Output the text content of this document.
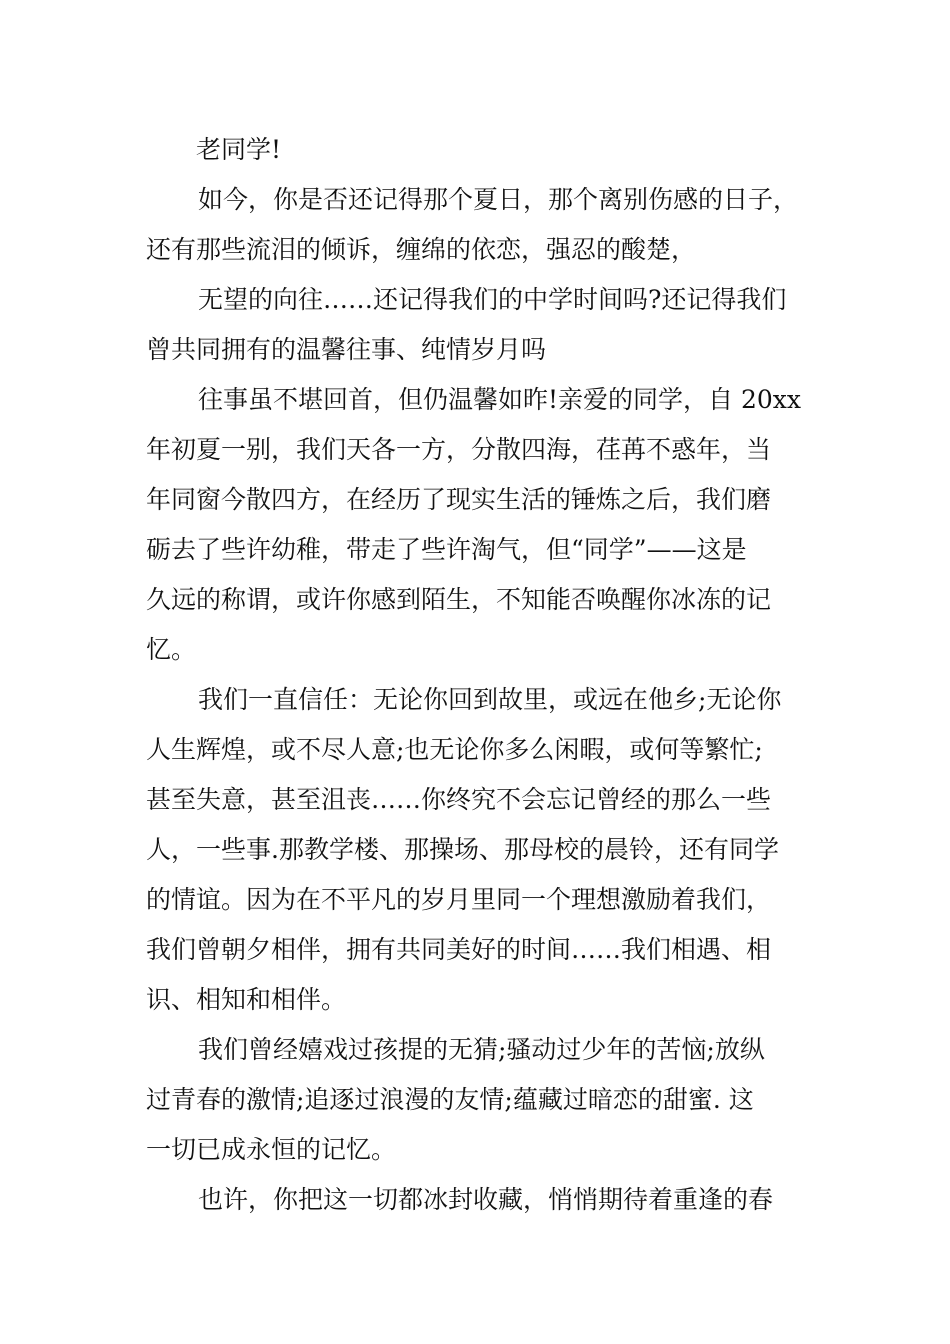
老同学!
如今，你是否还记得那个夏日，那个离别伤感的日子，
还有那些流泪的倾诉，缠绵的依恋，强忍的酸楚，
无望的向往……还记得我们的中学时间吗?还记得我们
曾共同拥有的温馨往事、纯情岁月吗
往事虽不堪回首，但仍温馨如昨!亲爱的同学，自 20xx
年初夏一别，我们天各一方，分散四海，荏苒不惑年，当
年同窗今散四方，在经历了现实生活的锤炼之后，我们磨
砺去了些许幼稚，带走了些许淘气，但“同学”——这是
久远的称谓，或许你感到陌生，不知能否唤醒你冰冻的记
忆。
我们一直信任：无论你回到故里，或远在他乡;无论你
人生辉煌，或不尽人意;也无论你多么闲暇，或何等繁忙;
甚至失意，甚至沮丧……你终究不会忘记曾经的那么一些
人，一些事.那教学楼、那操场、那母校的晨铃，还有同学
的情谊。因为在不平凡的岁月里同一个理想激励着我们，
我们曾朝夕相伴，拥有共同美好的时间……我们相遇、相
识、相知和相伴。
我们曾经嬉戏过孩提的无猜;骚动过少年的苦恼;放纵
过青春的激情;追逐过浪漫的友情;蕴藏过暗恋的甜蜜. 这
一切已成永恒的记忆。
也许，你把这一切都冰封收藏，悄悄期待着重逢的春
